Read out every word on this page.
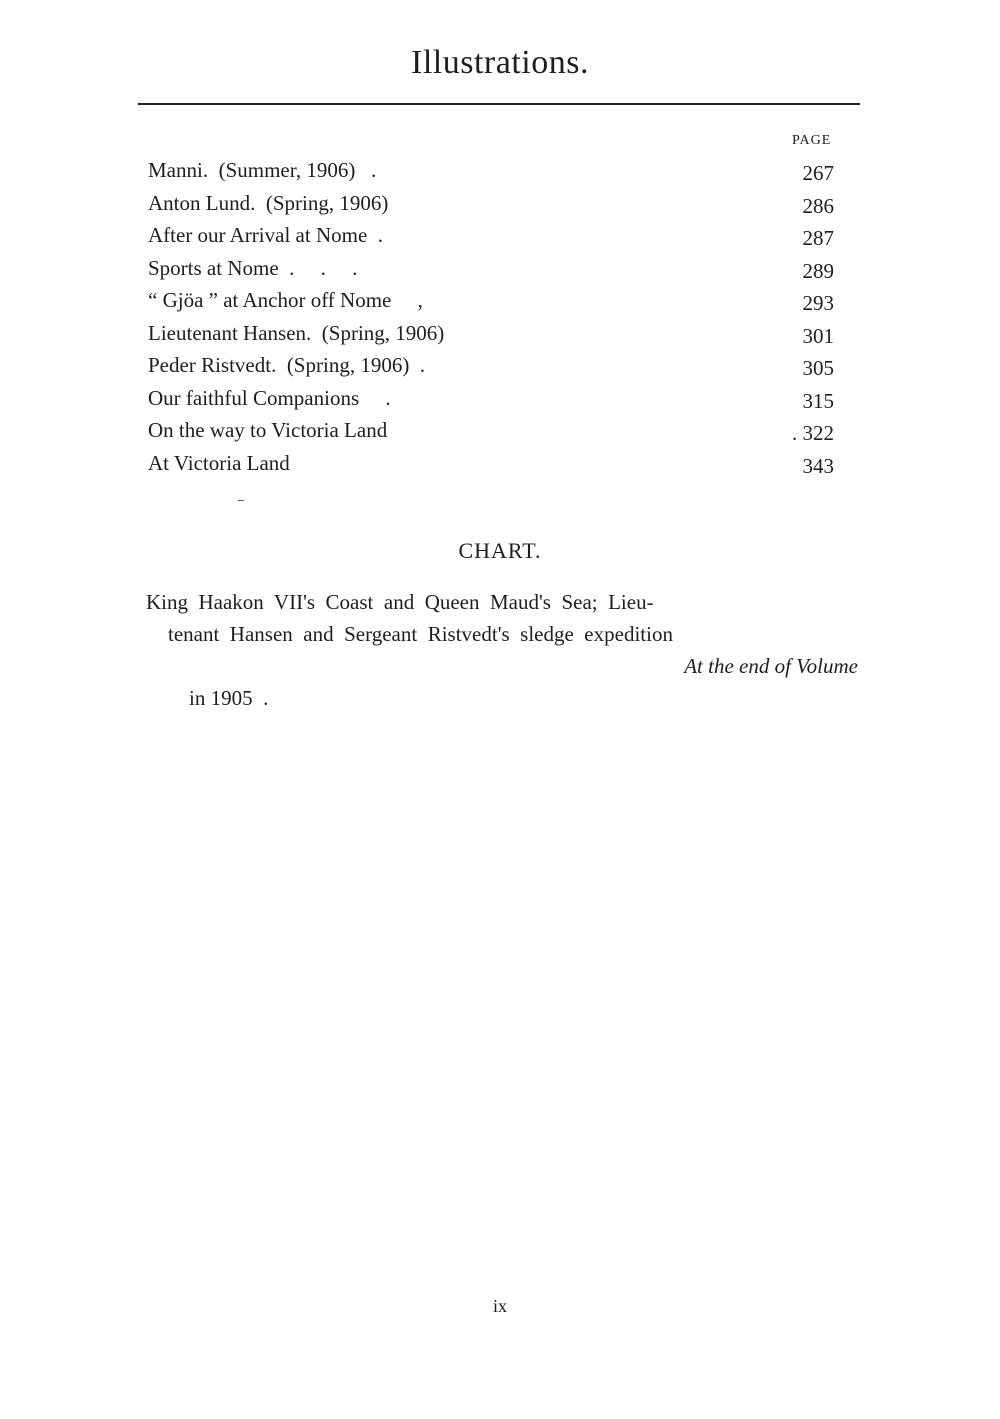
Illustrations.
PAGE
Manni.  (Summer, 1906)   .	267
Anton Lund.  (Spring, 1906)	286
After our Arrival at Nome  .	287
Sports at Nome  .     .     .	289
“ Gjöa ” at Anchor off Nome     ,	293
Lieutenant Hansen.  (Spring, 1906)	301
Peder Ristvedt.  (Spring, 1906)  .	305
Our faithful Companions     .	315
On the way to Victoria Land	. 322
At Victoria Land	343
CHART.
King  Haakon  VII's  Coast  and  Queen  Maud's  Sea;  Lieu-
tenant  Hansen  and  Sergeant  Ristvedt's  sledge  expedition

in 1905  .

At the end of Volume

ix
